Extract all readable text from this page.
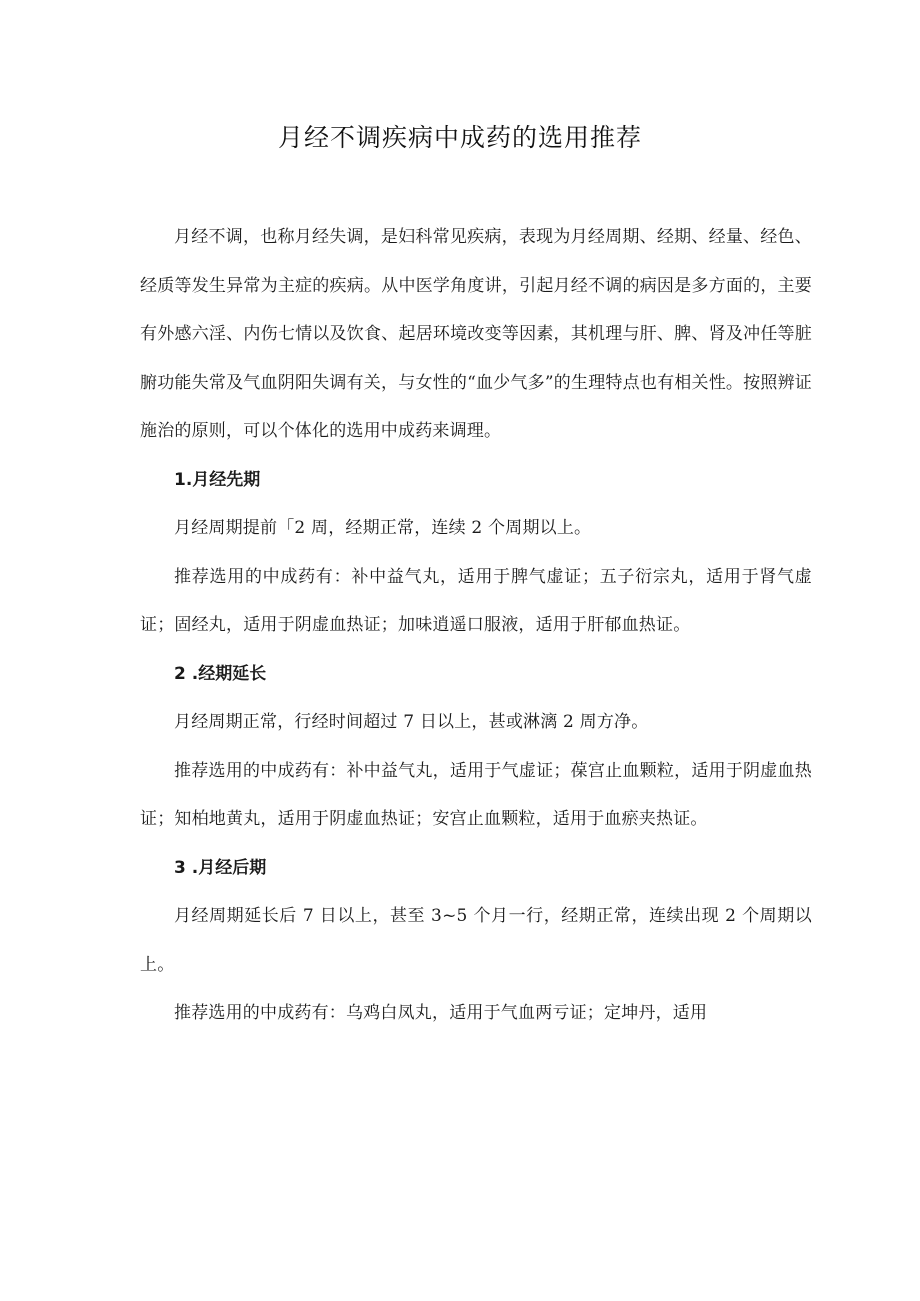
月经不调疾病中成药的选用推荐

月经不调，也称月经失调，是妇科常见疾病，表现为月经周期、经期、经量、经色、经质等发生异常为主症的疾病。从中医学角度讲，引起月经不调的病因是多方面的，主要有外感六淫、内伤七情以及饮食、起居环境改变等因素，其机理与肝、脾、肾及冲任等脏腑功能失常及气血阴阳失调有关，与女性的“血少气多”的生理特点也有相关性。按照辨证施治的原则，可以个体化的选用中成药来调理。

1.月经先期

月经周期提前「2 周，经期正常，连续 2 个周期以上。

推荐选用的中成药有：补中益气丸，适用于脾气虚证；五子衍宗丸，适用于肾气虚证；固经丸，适用于阴虚血热证；加味逍遥口服液，适用于肝郁血热证。

2 .经期延长

月经周期正常，行经时间超过 7 日以上，甚或淋漓 2 周方净。

推荐选用的中成药有：补中益气丸，适用于气虚证；葆宫止血颗粒，适用于阴虚血热证；知柏地黄丸，适用于阴虚血热证；安宫止血颗粒，适用于血瘀夹热证。

3 .月经后期

月经周期延长后 7 日以上，甚至 3~5 个月一行，经期正常，连续出现 2 个周期以上。

推荐选用的中成药有：乌鸡白凤丸，适用于气血两亏证；定坤丹，适用
